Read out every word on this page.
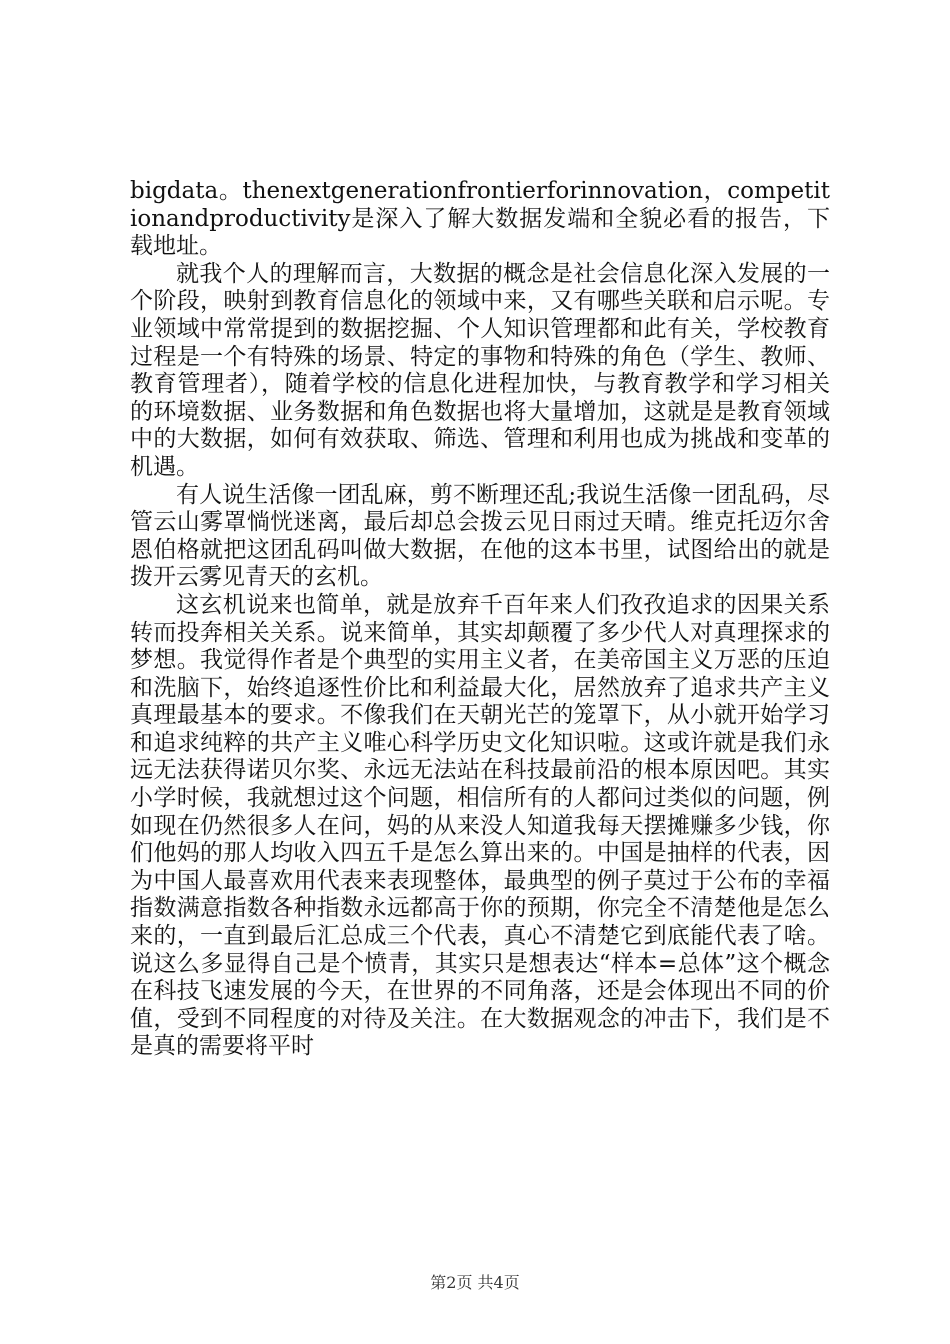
bigdata。thenextgenerationfrontierforinnovation，competitionandproductivity是深入了解大数据发端和全貌必看的报告，下载地址。

就我个人的理解而言，大数据的概念是社会信息化深入发展的一个阶段，映射到教育信息化的领域中来，又有哪些关联和启示呢。专业领域中常常提到的数据挖掘、个人知识管理都和此有关，学校教育过程是一个有特殊的场景、特定的事物和特殊的角色（学生、教师、教育管理者），随着学校的信息化进程加快，与教育教学和学习相关的环境数据、业务数据和角色数据也将大量增加，这就是是教育领域中的大数据，如何有效获取、筛选、管理和利用也成为挑战和变革的机遇。

有人说生活像一团乱麻，剪不断理还乱;我说生活像一团乱码，尽管云山雾罩惝恍迷离，最后却总会拨云见日雨过天晴。维克托迈尔舍恩伯格就把这团乱码叫做大数据，在他的这本书里，试图给出的就是拨开云雾见青天的玄机。

这玄机说来也简单，就是放弃千百年来人们孜孜追求的因果关系转而投奔相关关系。说来简单，其实却颠覆了多少代人对真理探求的梦想。我觉得作者是个典型的实用主义者，在美帝国主义万恶的压迫和洗脑下，始终追逐性价比和利益最大化，居然放弃了追求共产主义真理最基本的要求。不像我们在天朝光芒的笼罩下，从小就开始学习和追求纯粹的共产主义唯心科学历史文化知识啦。这或许就是我们永远无法获得诺贝尔奖、永远无法站在科技最前沿的根本原因吧。其实小学时候，我就想过这个问题，相信所有的人都问过类似的问题，例如现在仍然很多人在问，妈的从来没人知道我每天摆摊赚多少钱，你们他妈的那人均收入四五千是怎么算出来的。中国是抽样的代表，因为中国人最喜欢用代表来表现整体，最典型的例子莫过于公布的幸福指数满意指数各种指数永远都高于你的预期，你完全不清楚他是怎么来的，一直到最后汇总成三个代表，真心不清楚它到底能代表了啥。说这么多显得自己是个愤青，其实只是想表达“样本=总体”这个概念在科技飞速发展的今天，在世界的不同角落，还是会体现出不同的价值，受到不同程度的对待及关注。在大数据观念的冲击下，我们是不是真的需要将平时

第2页 共4页
